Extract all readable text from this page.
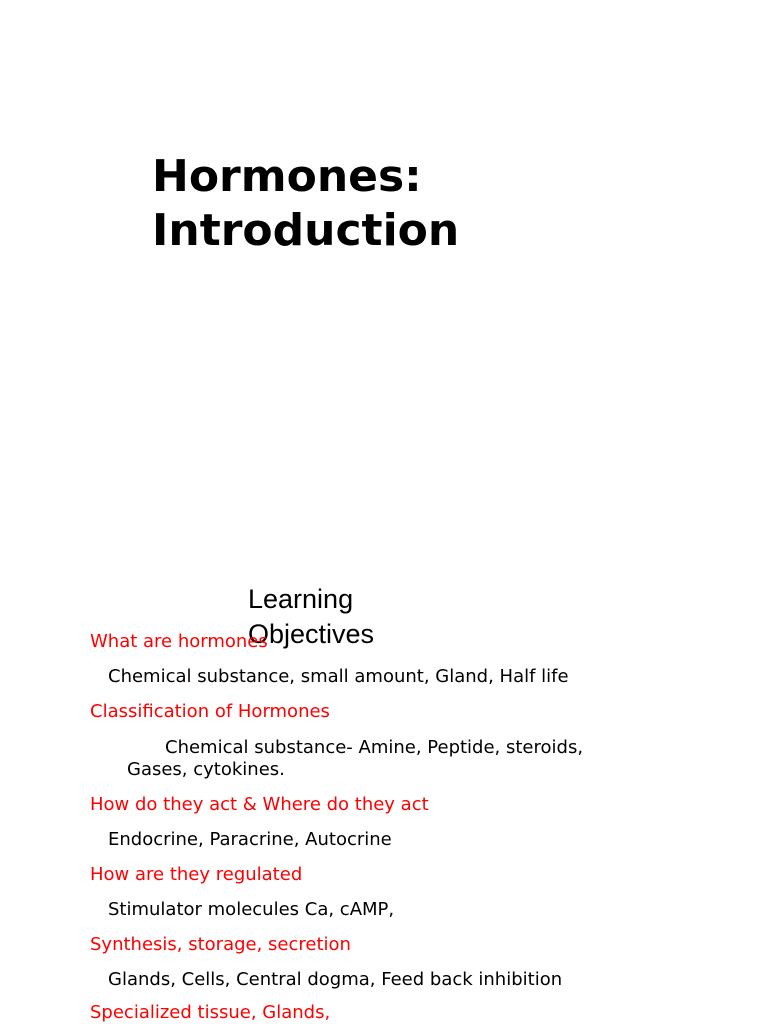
Hormones:
Introduction
Learning
Objectives
What are hormones
Chemical substance, small amount, Gland, Half life
Classification of Hormones
Chemical substance- Amine, Peptide, steroids,
Gases, cytokines.
How do they act & Where do they act
Endocrine, Paracrine, Autocrine
How are they regulated
Stimulator molecules Ca, cAMP,
Synthesis, storage, secretion
Glands, Cells, Central dogma, Feed back inhibition
Specialized tissue, Glands,
